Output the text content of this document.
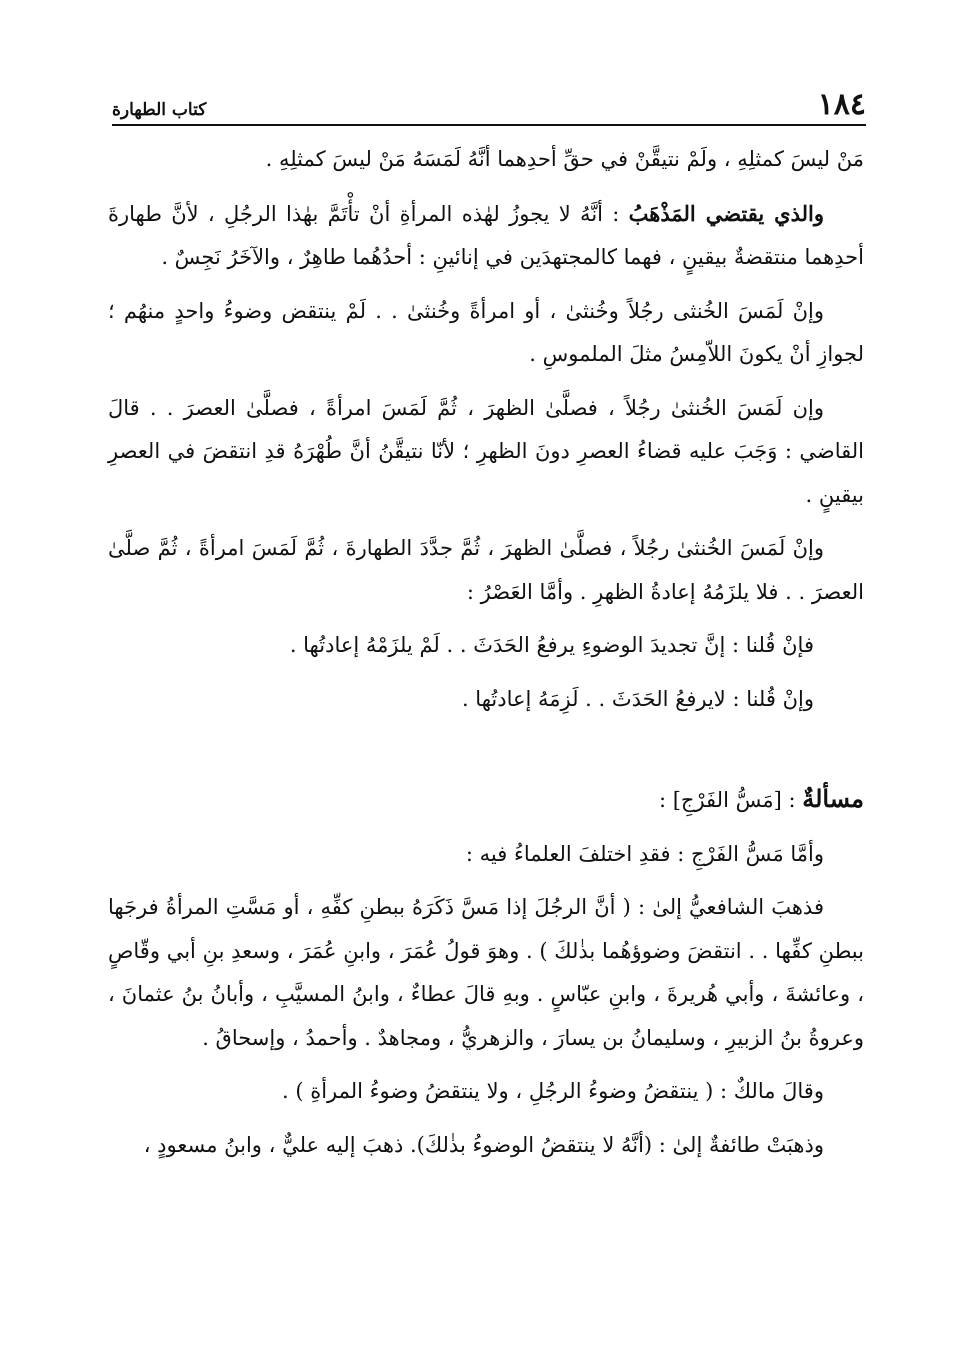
١٨٤
كتاب الطهارة

مَنْ ليسَ كمثلِهِ ، ولَمْ نتيقَّنْ في حقِّ أحدِهما أنَّهُ لَمَسَهُ مَنْ ليسَ كمثلِهِ .

والذي يقتضي المَذْهَبُ : أنَّهُ لا يجوزُ لهٰذه المرأةِ أنْ تأْتَمَّ بهٰذا الرجُلِ ، لأنَّ طهارةَ أحدِهما منتقضةٌ بيقينٍ ، فهما كالمجتهدَين في إنائينِ : أحدُهُما طاهِرٌ ، والآخَرُ نَجِسٌ .

وإنْ لَمَسَ الخُنثى رجُلاً وخُنثىٰ ، أو امرأةً وخُنثىٰ . . لَمْ ينتقض وضوءُ واحدٍ منهُم ؛ لجوازِ أنْ يكونَ اللاّمِسُ مثلَ الملموسِ .

وإن لَمَسَ الخُنثىٰ رجُلاً ، فصلَّىٰ الظهرَ ، ثُمَّ لَمَسَ امرأةً ، فصلَّىٰ العصرَ . . قالَ القاضي : وَجَبَ عليه قضاءُ العصرِ دونَ الظهرِ ؛ لأنّا نتيقَّنُ أنَّ طُهْرَهُ قدِ انتقضَ في العصرِ بيقينٍ .

وإنْ لَمَسَ الخُنثىٰ رجُلاً ، فصلَّىٰ الظهرَ ، ثُمَّ جدَّدَ الطهارةَ ، ثُمَّ لَمَسَ امرأةً ، ثُمَّ صلَّىٰ العصرَ . . فلا يلزَمُهُ إعادةُ الظهرِ . وأمَّا العَصْرُ :

فإنْ قُلنا : إنَّ تجديدَ الوضوءِ يرفعُ الحَدَثَ . . لَمْ يلزَمْهُ إعادتُها .

وإنْ قُلنا : لايرفعُ الحَدَثَ . . لَزِمَهُ إعادتُها .

مسألةٌ : [مَسُّ الفَرْجِ] :

وأمَّا مَسُّ الفَرْجِ : فقدِ اختلفَ العلماءُ فيه :

فذهبَ الشافعيُّ إلىٰ : ( أنَّ الرجُلَ إذا مَسَّ ذَكَرَهُ ببطنِ كفِّهِ ، أو مَسَّتِ المرأةُ فرجَها ببطنِ كفِّها . . انتقضَ وضوؤهُما بذٰلكَ ) . وهوَ قولُ عُمَرَ ، وابنِ عُمَرَ ، وسعدِ بنِ أبي وقّاصٍ ، وعائشةَ ، وأبي هُريرةَ ، وابنِ عبّاسٍ . وبهِ قالَ عطاءٌ ، وابنُ المسيَّبِ ، وأبانُ بنُ عثمانَ ، وعروةُ بنُ الزبيرِ ، وسليمانُ بن يسارَ ، والزهريُّ ، ومجاهدٌ . وأحمدُ ، وإسحاقُ .

وقالَ مالكٌ : ( ينتقضُ وضوءُ الرجُلِ ، ولا ينتقضُ وضوءُ المرأةِ ) .

وذهبَتْ طائفةٌ إلىٰ : (أنَّهُ لا ينتقضُ الوضوءُ بذٰلكَ). ذهبَ إليه عليٌّ ، وابنُ مسعودٍ ،
